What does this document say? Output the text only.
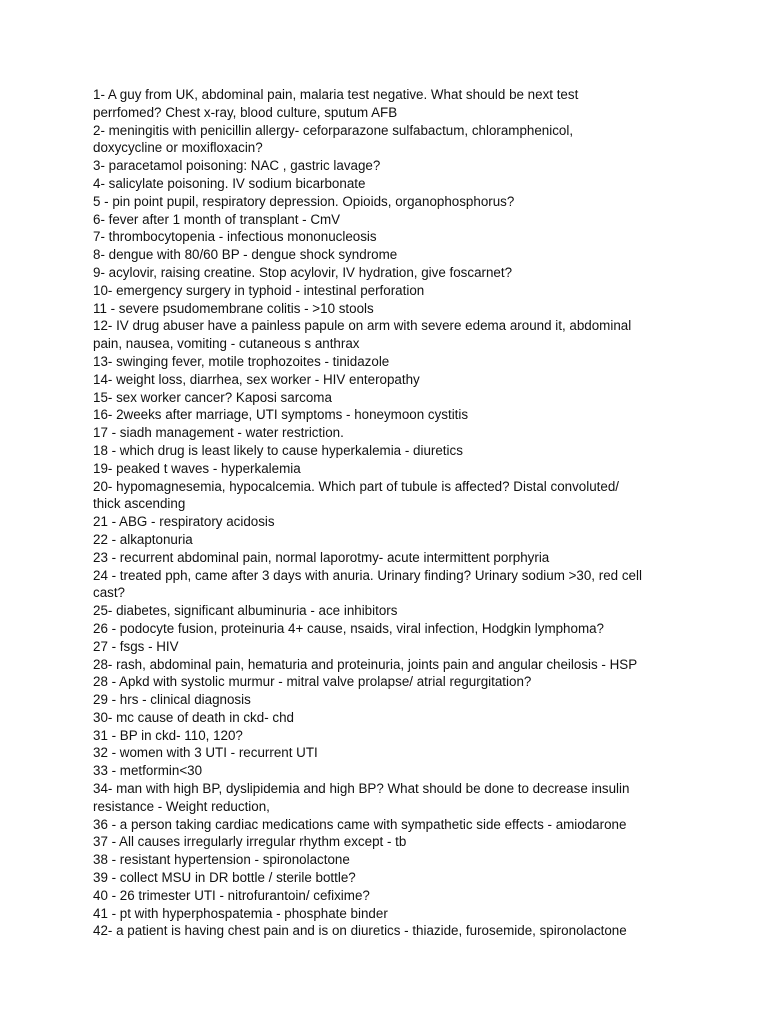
1- A guy from UK, abdominal pain, malaria test negative. What should be next test
perrfomed? Chest x-ray, blood culture, sputum AFB
2- meningitis with penicillin allergy- ceforparazone sulfabactum, chloramphenicol,
doxycycline or moxifloxacin?
3- paracetamol poisoning: NAC , gastric lavage?
4- salicylate poisoning. IV sodium bicarbonate
5 - pin point pupil, respiratory depression. Opioids, organophosphorus?
6- fever after 1 month of transplant - CmV
7- thrombocytopenia - infectious mononucleosis
8- dengue with 80/60 BP - dengue shock syndrome
9- acylovir, raising creatine. Stop acylovir, IV hydration, give foscarnet?
10- emergency surgery in typhoid - intestinal perforation
11 - severe psudomembrane colitis - >10 stools
12- IV drug abuser have a painless papule on arm with severe edema around it, abdominal
pain, nausea, vomiting - cutaneous s anthrax
13- swinging fever, motile trophozoites - tinidazole
14- weight loss, diarrhea, sex worker - HIV enteropathy
15- sex worker cancer? Kaposi sarcoma
16- 2weeks after marriage, UTI symptoms - honeymoon cystitis
17 - siadh management - water restriction.
18 - which drug is least likely to cause hyperkalemia - diuretics
19- peaked t waves - hyperkalemia
20- hypomagnesemia, hypocalcemia. Which part of tubule is affected? Distal convoluted/
thick ascending
21 - ABG - respiratory acidosis
22 - alkaptonuria
23 - recurrent abdominal pain, normal laporotmy- acute intermittent porphyria
24 - treated pph, came after 3 days with anuria. Urinary finding? Urinary sodium >30, red cell
cast?
25- diabetes, significant albuminuria - ace inhibitors
26 - podocyte fusion, proteinuria 4+ cause, nsaids, viral infection, Hodgkin lymphoma?
27 - fsgs - HIV
28- rash, abdominal pain, hematuria and proteinuria, joints pain and angular cheilosis - HSP
28 - Apkd with systolic murmur - mitral valve prolapse/ atrial regurgitation?
29 - hrs - clinical diagnosis
30- mc cause of death in ckd- chd
31 - BP in ckd- 110, 120?
32 - women with 3 UTI - recurrent UTI
33 - metformin<30
34- man with high BP, dyslipidemia and high BP? What should be done to decrease insulin
resistance - Weight reduction,
36 - a person taking cardiac medications came with sympathetic side effects - amiodarone
37 - All causes irregularly irregular rhythm except - tb
38 - resistant hypertension - spironolactone
39 - collect MSU in DR bottle / sterile bottle?
40 - 26 trimester UTI - nitrofurantoin/ cefixime?
41 - pt with hyperphospatemia - phosphate binder
42- a patient is having chest pain and is on diuretics - thiazide, furosemide, spironolactone
